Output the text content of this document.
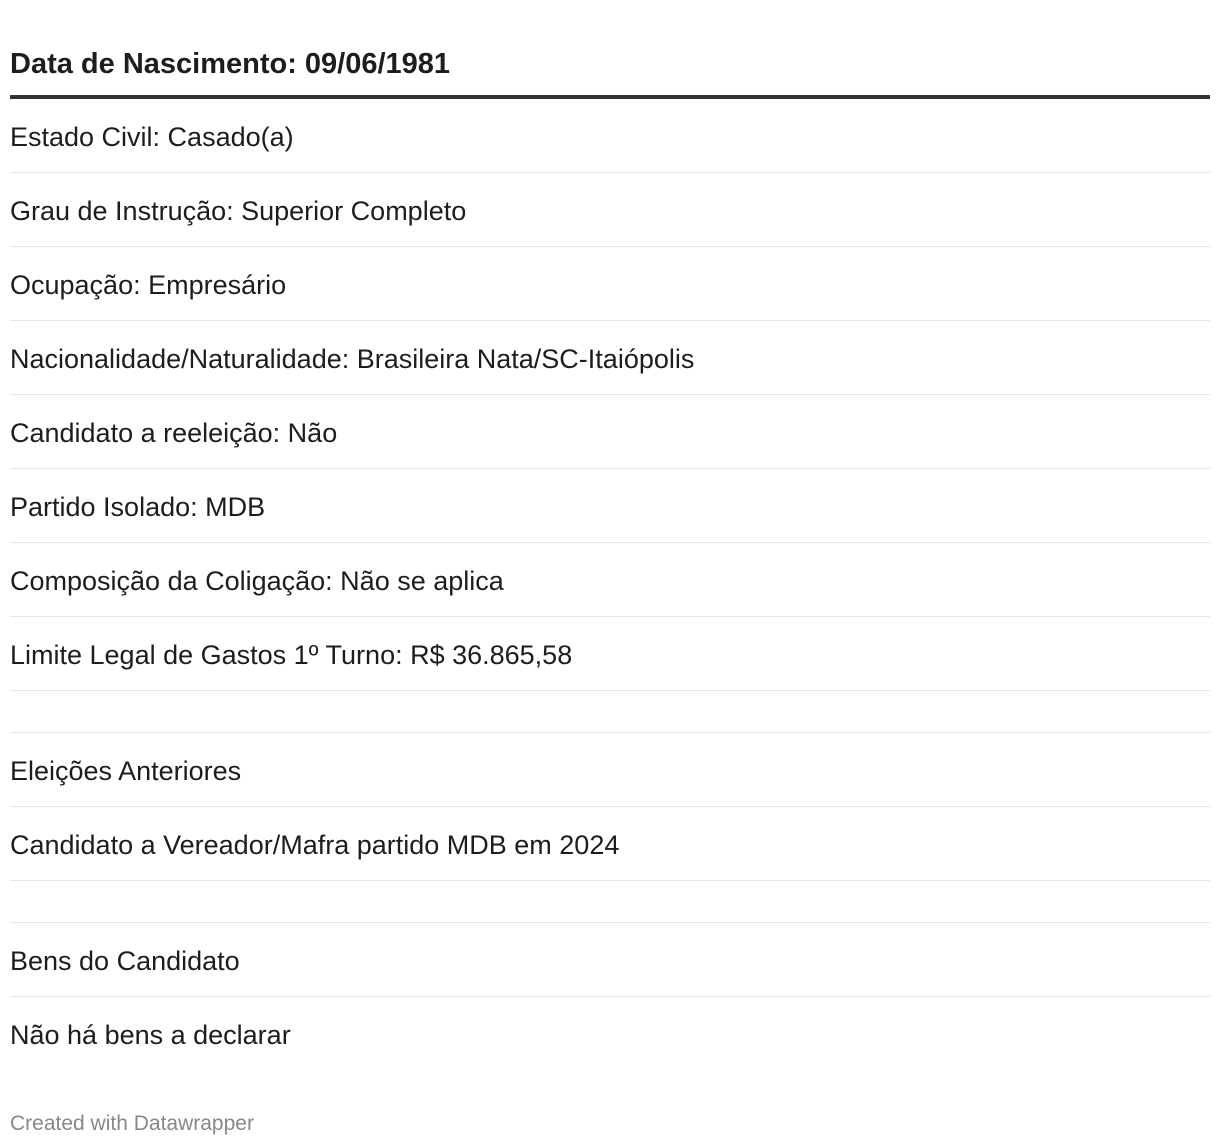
Data de Nascimento: 09/06/1981
Estado Civil: Casado(a)
Grau de Instrução: Superior Completo
Ocupação: Empresário
Nacionalidade/Naturalidade: Brasileira Nata/SC-Itaiópolis
Candidato a reeleição: Não
Partido Isolado: MDB
Composição da Coligação: Não se aplica
Limite Legal de Gastos 1º Turno: R$ 36.865,58
Eleições Anteriores
Candidato a Vereador/Mafra partido MDB em 2024
Bens do Candidato
Não há bens a declarar
Created with Datawrapper
